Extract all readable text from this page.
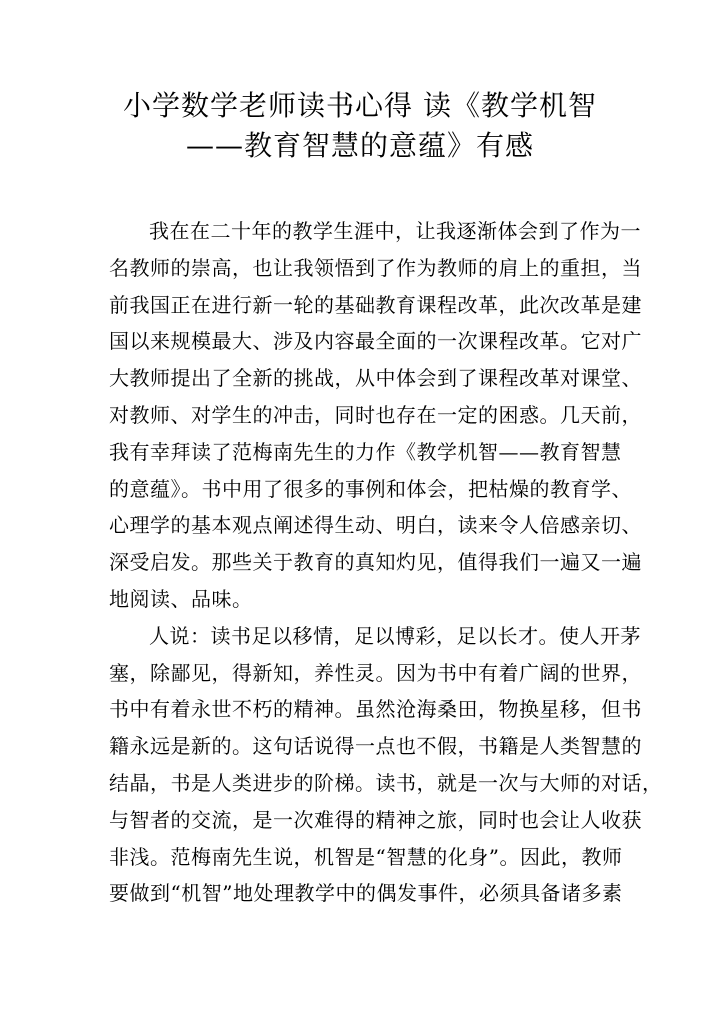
小学数学老师读书心得 读《教学机智
——教育智慧的意蕴》有感
我在在二十年的教学生涯中，让我逐渐体会到了作为一
名教师的崇高，也让我领悟到了作为教师的肩上的重担，当
前我国正在进行新一轮的基础教育课程改革，此次改革是建
国以来规模最大、涉及内容最全面的一次课程改革。它对广
大教师提出了全新的挑战，从中体会到了课程改革对课堂、
对教师、对学生的冲击，同时也存在一定的困惑。几天前，
我有幸拜读了范梅南先生的力作《教学机智——教育智慧
的意蕴》。书中用了很多的事例和体会，把枯燥的教育学、
心理学的基本观点阐述得生动、明白，读来令人倍感亲切、
深受启发。那些关于教育的真知灼见，值得我们一遍又一遍
地阅读、品味。
人说：读书足以移情，足以博彩，足以长才。使人开茅
塞，除鄙见，得新知，养性灵。因为书中有着广阔的世界，
书中有着永世不朽的精神。虽然沧海桑田，物换星移，但书
籍永远是新的。这句话说得一点也不假，书籍是人类智慧的
结晶，书是人类进步的阶梯。读书，就是一次与大师的对话，
与智者的交流，是一次难得的精神之旅，同时也会让人收获
非浅。范梅南先生说，机智是“智慧的化身”。因此，教师
要做到“机智”地处理教学中的偶发事件，必须具备诸多素
